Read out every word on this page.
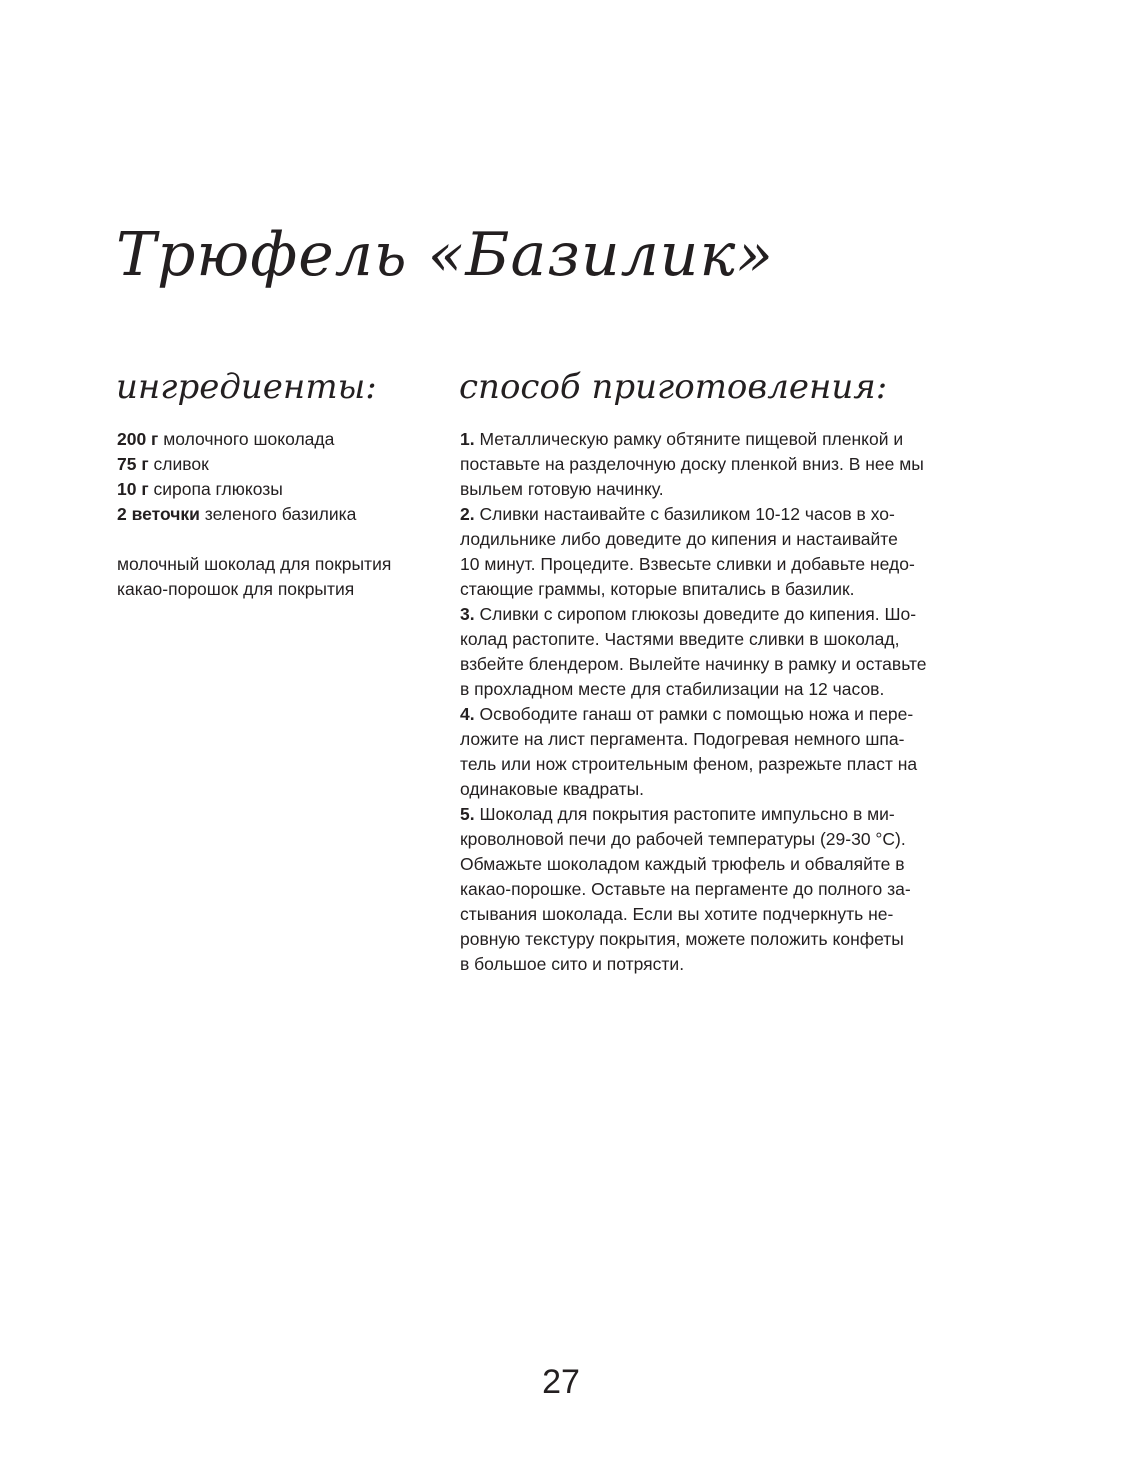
Трюфель «Базилик»
ингредиенты: способ приготовления:
200 г молочного шоколада
75 г сливок
10 г сиропа глюкозы
2 веточки зеленого базилика
молочный шоколад для покрытия
какао-порошок для покрытия
1. Металлическую рамку обтяните пищевой пленкой и
поставьте на разделочную доску пленкой вниз. В нее мы
выльем готовую начинку.
2. Сливки настаивайте с базиликом 10-12 часов в хо-
лодильнике либо доведите до кипения и настаивайте
10 минут. Процедите. Взвесьте сливки и добавьте недо-
стающие граммы, которые впитались в базилик.
3. Сливки с сиропом глюкозы доведите до кипения. Шо-
колад растопите. Частями введите сливки в шоколад,
взбейте блендером. Вылейте начинку в рамку и оставьте
в прохладном месте для стабилизации на 12 часов.
4. Освободите ганаш от рамки с помощью ножа и пере-
ложите на лист пергамента. Подогревая немного шпа-
тель или нож строительным феном, разрежьте пласт на
одинаковые квадраты.
5. Шоколад для покрытия растопите импульсно в ми-
кроволновой печи до рабочей температуры (29-30 °С).
Обмажьте шоколадом каждый трюфель и обваляйте в
какао-порошке. Оставьте на пергаменте до полного за-
стывания шоколада. Если вы хотите подчеркнуть не-
ровную текстуру покрытия, можете положить конфеты
в большое сито и потрясти.
27
